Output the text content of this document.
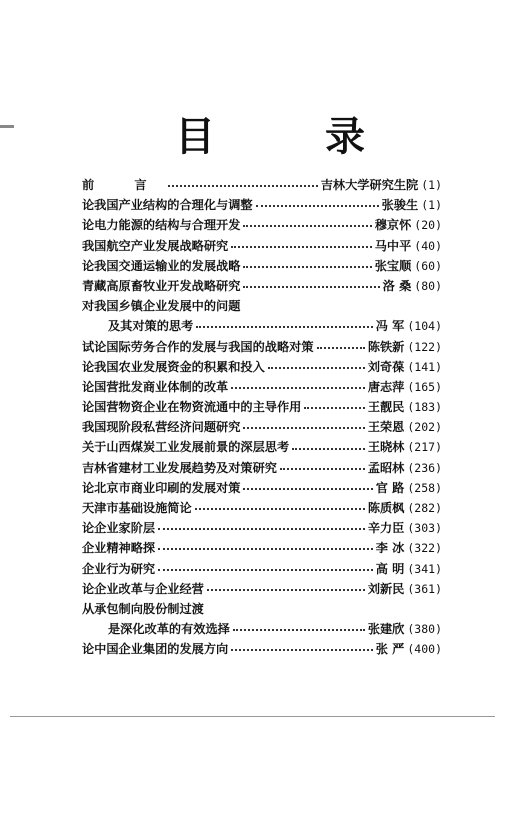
目	录
前 言	吉林大学研究生院 (1)
论我国产业结构的合理化与调整	张骏生 (1)
论电力能源的结构与合理开发	穆京怀 (20)
我国航空产业发展战略研究	马中平 (40)
论我国交通运输业的发展战略	张宝顺 (60)
青藏高原畜牧业开发战略研究	洛 桑 (80)
对我国乡镇企业发展中的问题
及其对策的思考	冯 军 (104)
试论国际劳务合作的发展与我国的战略对策	陈铁新 (122)
论我国农业发展资金的积累和投入	刘奇葆 (141)
论国营批发商业体制的改革	唐志萍 (165)
论国营物资企业在物资流通中的主导作用	王靓民 (183)
我国现阶段私营经济问题研究	王荣恩 (202)
关于山西煤炭工业发展前景的深层思考	王晓林 (217)
吉林省建材工业发展趋势及对策研究	孟昭林 (236)
论北京市商业印刷的发展对策	官 路 (258)
天津市基础设施简论	陈质枫 (282)
论企业家阶层	辛力臣 (303)
企业精神略探	李 冰 (322)
企业行为研究	高 明 (341)
论企业改革与企业经营	刘新民 (361)
从承包制向股份制过渡
是深化改革的有效选择	张建欣 (380)
论中国企业集团的发展方向	张 严 (400)
